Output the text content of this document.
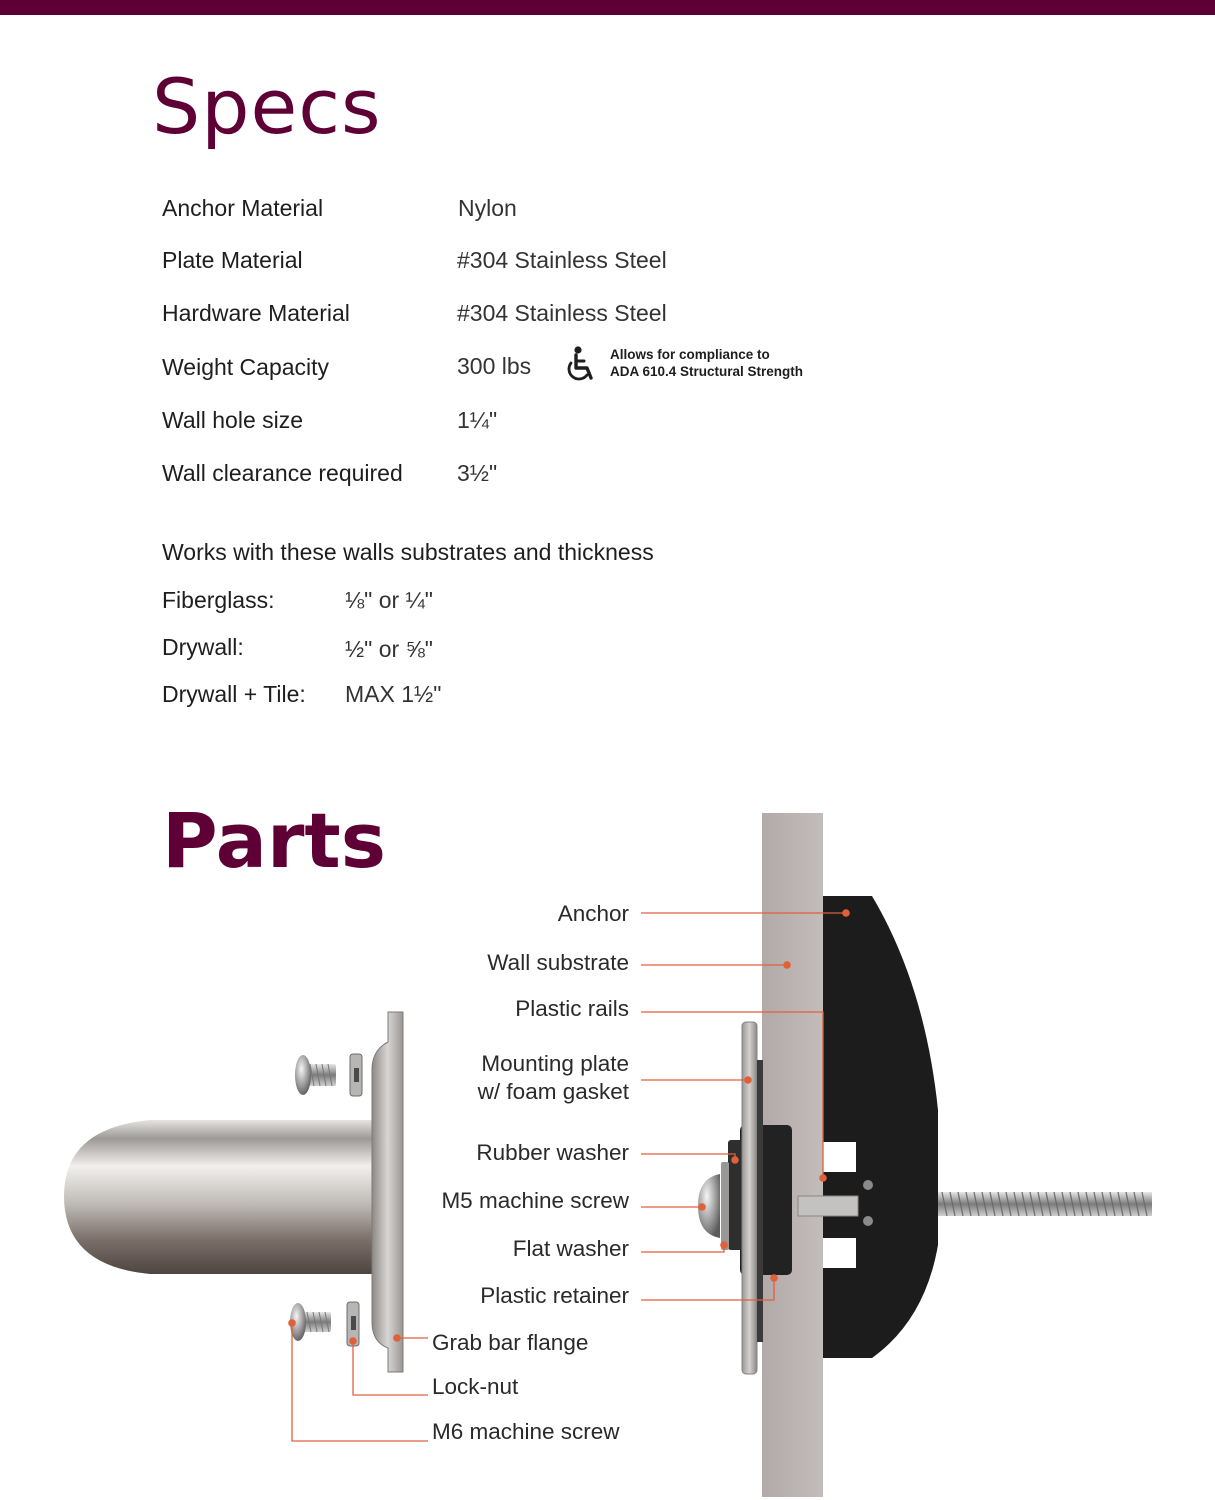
Specs
Anchor Material	Nylon
Plate Material	#304 Stainless Steel
Hardware Material	#304 Stainless Steel
Weight Capacity	300 lbs	Allows for compliance to
ADA 610.4 Structural Strength
Wall hole size	1¼"
Wall clearance required 3½"
Works with these walls substrates and thickness
Fiberglass:	⅛" or ¼"
Drywall:	½" or ⅝"
Drywall + Tile: MAX 1½"
Parts
Anchor
Wall substrate
Plastic rails
Mounting plate
w/ foam gasket
Rubber washer
M5 machine screw
Flat washer
Plastic retainer
Grab bar flange
Lock-nut
M6 machine screw
